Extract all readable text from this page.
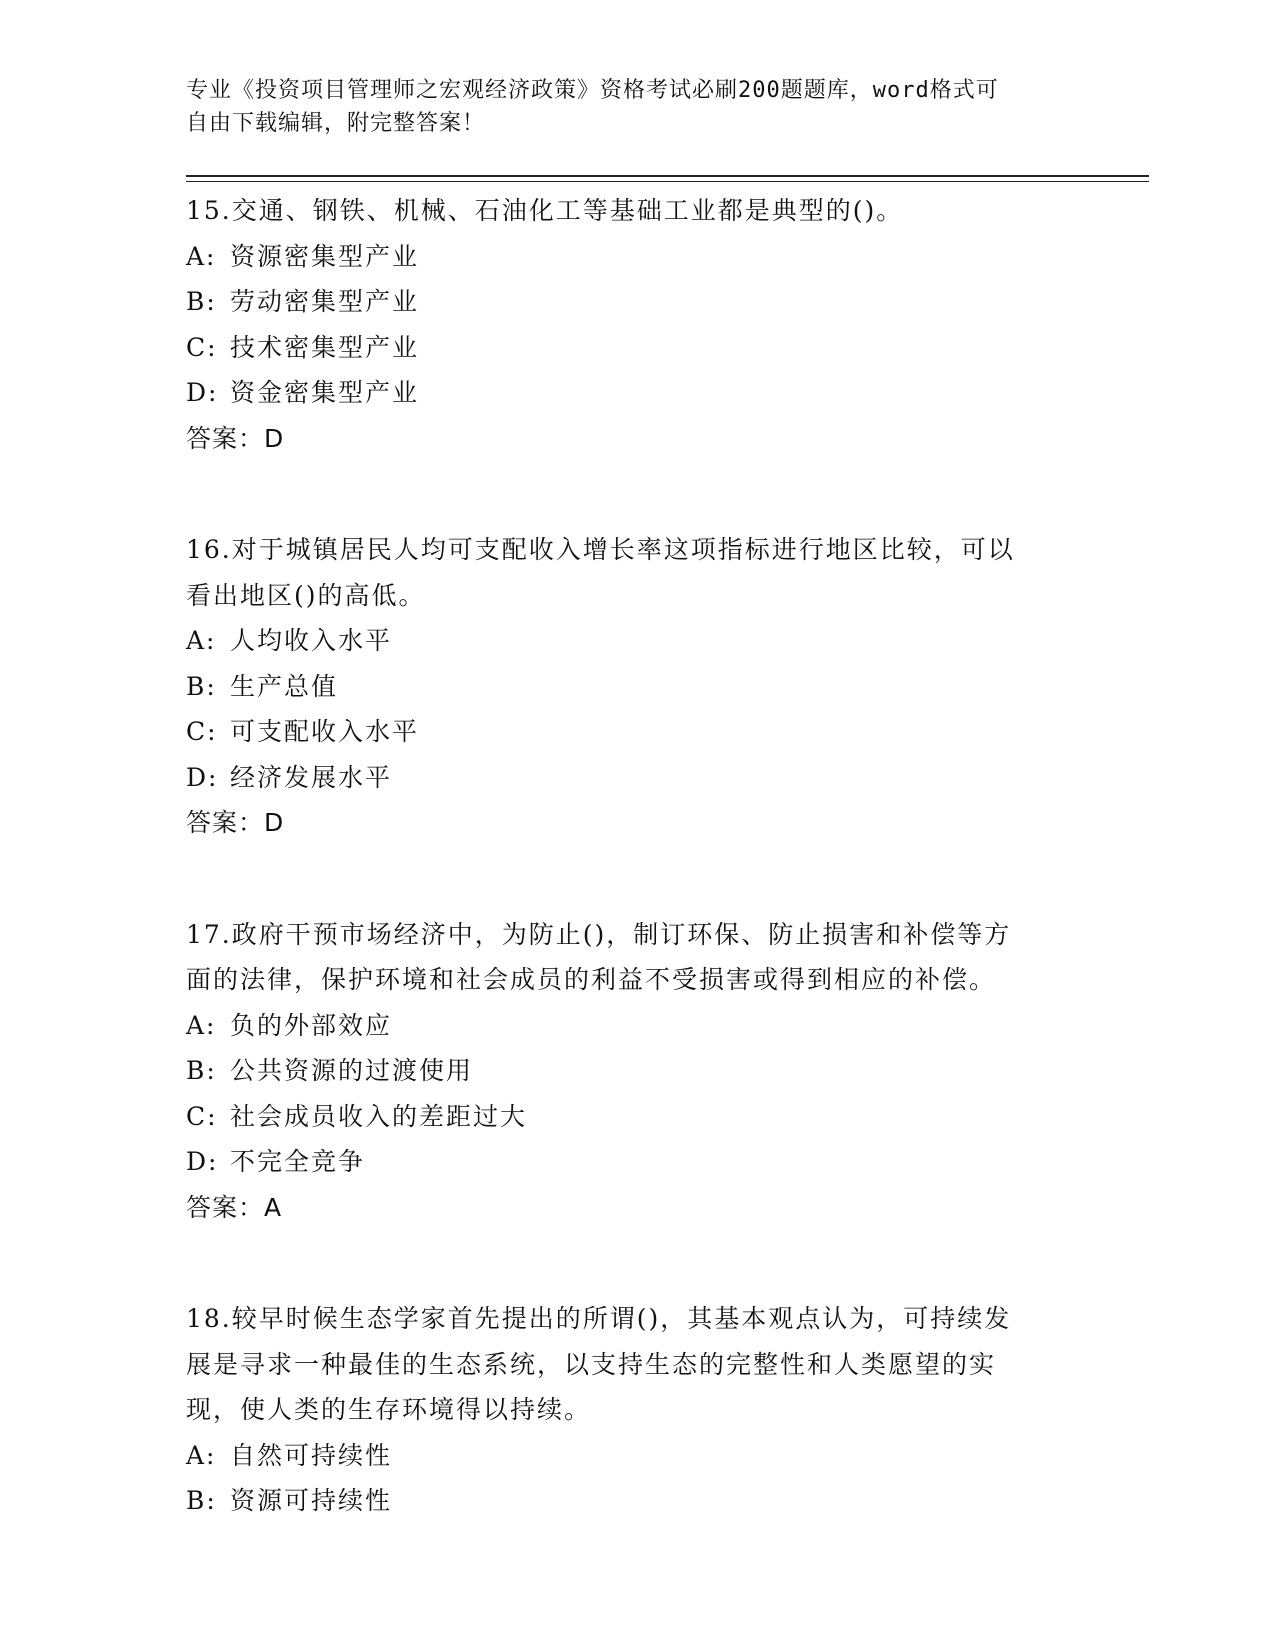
专业《投资项目管理师之宏观经济政策》资格考试必刷200题题库，word格式可
自由下载编辑，附完整答案！
15.交通、钢铁、机械、石油化工等基础工业都是典型的()。
A: 资源密集型产业
B: 劳动密集型产业
C: 技术密集型产业
D: 资金密集型产业
答案：D
16.对于城镇居民人均可支配收入增长率这项指标进行地区比较，可以
看出地区()的高低。
A: 人均收入水平
B: 生产总值
C: 可支配收入水平
D: 经济发展水平
答案：D
17.政府干预市场经济中，为防止()，制订环保、防止损害和补偿等方
面的法律，保护环境和社会成员的利益不受损害或得到相应的补偿。
A: 负的外部效应
B: 公共资源的过渡使用
C: 社会成员收入的差距过大
D: 不完全竞争
答案：A
18.较早时候生态学家首先提出的所谓()，其基本观点认为，可持续发
展是寻求一种最佳的生态系统，以支持生态的完整性和人类愿望的实
现，使人类的生存环境得以持续。
A: 自然可持续性
B: 资源可持续性
